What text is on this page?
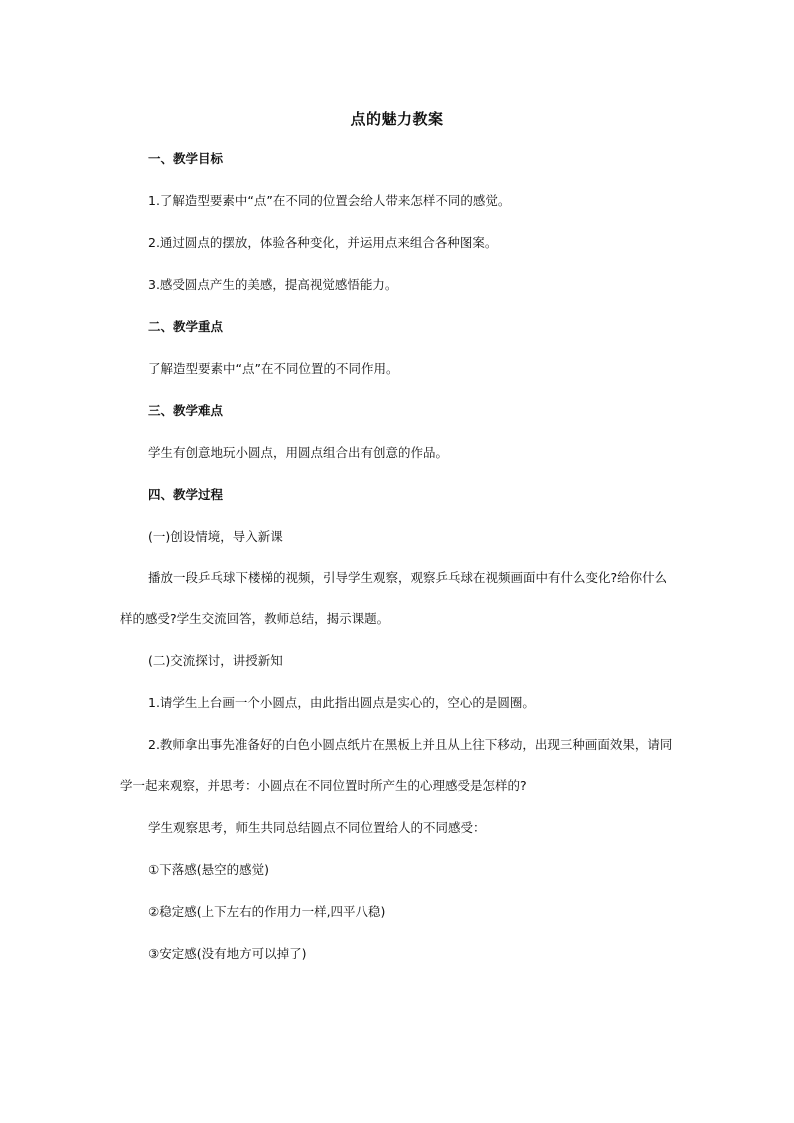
点的魅力教案
一、教学目标
1.了解造型要素中“点”在不同的位置会给人带来怎样不同的感觉。
2.通过圆点的摆放，体验各种变化，并运用点来组合各种图案。
3.感受圆点产生的美感，提高视觉感悟能力。
二、教学重点
了解造型要素中“点”在不同位置的不同作用。
三、教学难点
学生有创意地玩小圆点，用圆点组合出有创意的作品。
四、教学过程
(一)创设情境，导入新课
播放一段乒乓球下楼梯的视频，引导学生观察，观察乒乓球在视频画面中有什么变化?给你什么
样的感受?学生交流回答，教师总结，揭示课题。
(二)交流探讨，讲授新知
1.请学生上台画一个小圆点，由此指出圆点是实心的，空心的是圆圈。
2.教师拿出事先准备好的白色小圆点纸片在黑板上并且从上往下移动，出现三种画面效果，请同
学一起来观察，并思考：小圆点在不同位置时所产生的心理感受是怎样的?
学生观察思考，师生共同总结圆点不同位置给人的不同感受：
①下落感(悬空的感觉)
②稳定感(上下左右的作用力一样,四平八稳)
③安定感(没有地方可以掉了)
